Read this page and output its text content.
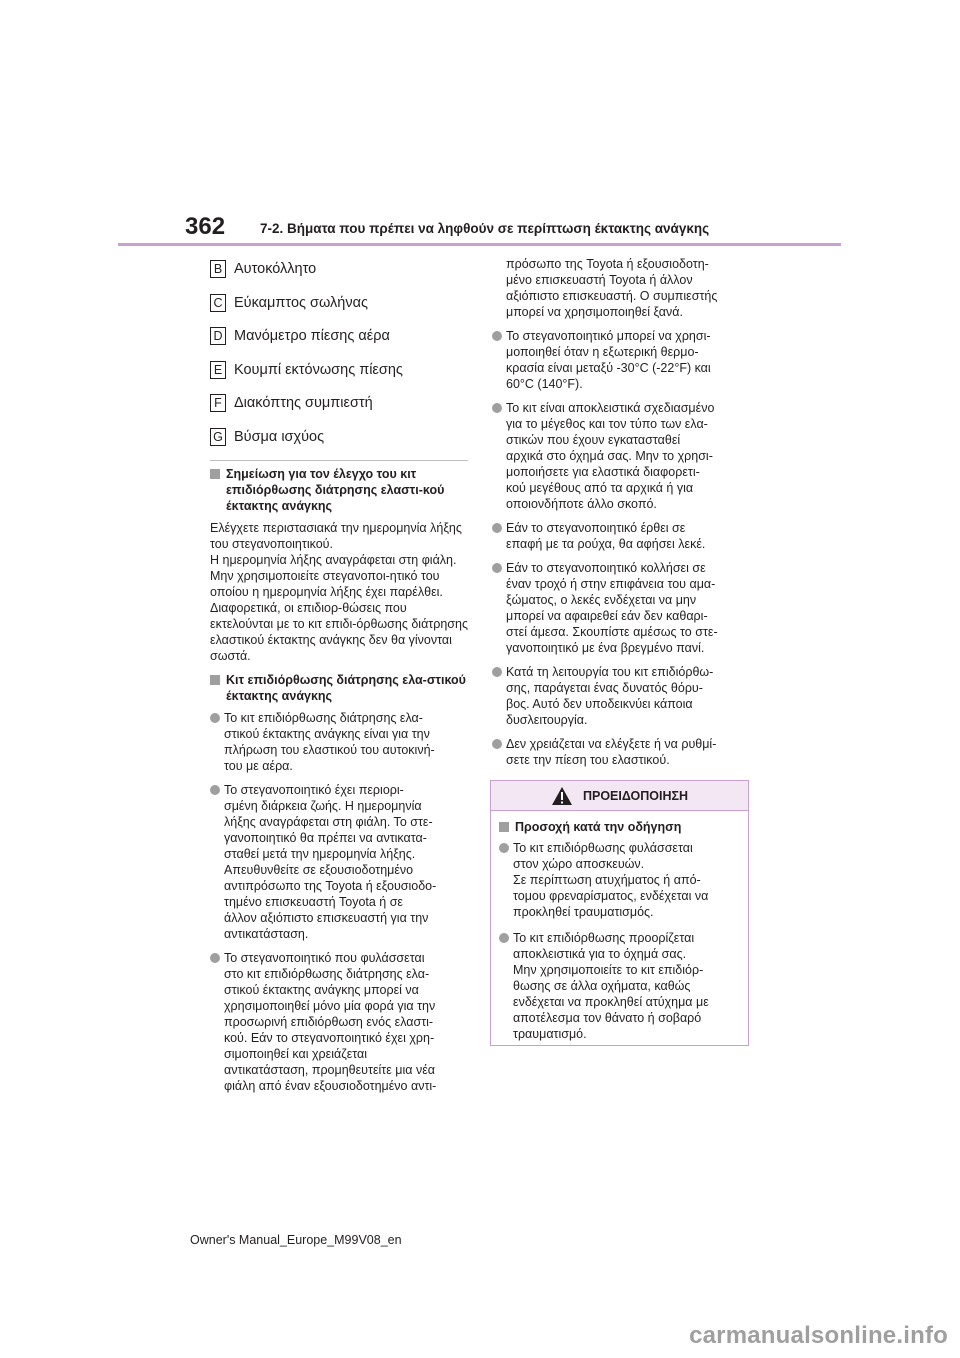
362	7-2. Βήματα που πρέπει να ληφθούν σε περίπτωση έκτακτης ανάγκης
B Αυτοκόλλητο
C Εύκαμπτος σωλήνας
D Μανόμετρο πίεσης αέρα
E Κουμπί εκτόνωσης πίεσης
F Διακόπτης συμπιεστή
G Βύσμα ισχύος
Σημείωση για τον έλεγχο του κιτ επιδιόρθωσης διάτρησης ελαστι-κού έκτακτης ανάγκης
Ελέγχετε περιστασιακά την ημερομηνία λήξης του στεγανοποιητικού.
Η ημερομηνία λήξης αναγράφεται στη φιάλη. Μην χρησιμοποιείτε στεγανοποι-ητικό του οποίου η ημερομηνία λήξης έχει παρέλθει. Διαφορετικά, οι επιδιορ-θώσεις που εκτελούνται με το κιτ επιδι-όρθωσης διάτρησης ελαστικού έκτακτης ανάγκης δεν θα γίνονται σωστά.
Κιτ επιδιόρθωσης διάτρησης ελα-στικού έκτακτης ανάγκης
Το κιτ επιδιόρθωσης διάτρησης ελα-
στικού έκτακτης ανάγκης είναι για την
πλήρωση του ελαστικού του αυτοκινή-
του με αέρα.
Το στεγανοποιητικό έχει περιορι-
σμένη διάρκεια ζωής. Η ημερομηνία
λήξης αναγράφεται στη φιάλη. Το στε-
γανοποιητικό θα πρέπει να αντικατα-
σταθεί μετά την ημερομηνία λήξης.
Απευθυνθείτε σε εξουσιοδοτημένο
αντιπρόσωπο της Toyota ή εξουσιοδο-
τημένο επισκευαστή Toyota ή σε
άλλον αξιόπιστο επισκευαστή για την
αντικατάσταση.
Το στεγανοποιητικό που φυλάσσεται
στο κιτ επιδιόρθωσης διάτρησης ελα-
στικού έκτακτης ανάγκης μπορεί να
χρησιμοποιηθεί μόνο μία φορά για την
προσωρινή επιδιόρθωση ενός ελαστι-
κού. Εάν το στεγανοποιητικό έχει χρη-
σιμοποιηθεί και χρειάζεται
αντικατάσταση, προμηθευτείτε μια νέα
φιάλη από έναν εξουσιοδοτημένο αντι-
πρόσωπο της Toyota ή εξουσιοδοτη-
μένο επισκευαστή Toyota ή άλλον
αξιόπιστο επισκευαστή. Ο συμπιεστής
μπορεί να χρησιμοποιηθεί ξανά.
Το στεγανοποιητικό μπορεί να χρησι-
μοποιηθεί όταν η εξωτερική θερμο-
κρασία είναι μεταξύ -30°C (-22°F) και
60°C (140°F).
Το κιτ είναι αποκλειστικά σχεδιασμένο
για το μέγεθος και τον τύπο των ελα-
στικών που έχουν εγκατασταθεί
αρχικά στο όχημά σας. Μην το χρησι-
μοποιήσετε για ελαστικά διαφορετι-
κού μεγέθους από τα αρχικά ή για
οποιονδήποτε άλλο σκοπό.
Εάν το στεγανοποιητικό έρθει σε
επαφή με τα ρούχα, θα αφήσει λεκέ.
Εάν το στεγανοποιητικό κολλήσει σε
έναν τροχό ή στην επιφάνεια του αμα-
ξώματος, ο λεκές ενδέχεται να μην
μπορεί να αφαιρεθεί εάν δεν καθαρι-
στεί άμεσα. Σκουπίστε αμέσως το στε-
γανοποιητικό με ένα βρεγμένο πανί.
Κατά τη λειτουργία του κιτ επιδιόρθω-
σης, παράγεται ένας δυνατός θόρυ-
βος. Αυτό δεν υποδεικνύει κάποια
δυσλειτουργία.
Δεν χρειάζεται να ελέγξετε ή να ρυθμί-
σετε την πίεση του ελαστικού.
ΠΡΟΕΙΔΟΠΟΙΗΣΗ
Προσοχή κατά την οδήγηση
Το κιτ επιδιόρθωσης φυλάσσεται
στον χώρο αποσκευών.
Σε περίπτωση ατυχήματος ή από-
τομου φρεναρίσματος, ενδέχεται να
προκληθεί τραυματισμός.
Το κιτ επιδιόρθωσης προορίζεται
αποκλειστικά για το όχημά σας.
Μην χρησιμοποιείτε το κιτ επιδιόρ-
θωσης σε άλλα οχήματα, καθώς
ενδέχεται να προκληθεί ατύχημα με
αποτέλεσμα τον θάνατο ή σοβαρό
τραυματισμό.
Owner's Manual_Europe_M99V08_en
carmanualsonline.info
